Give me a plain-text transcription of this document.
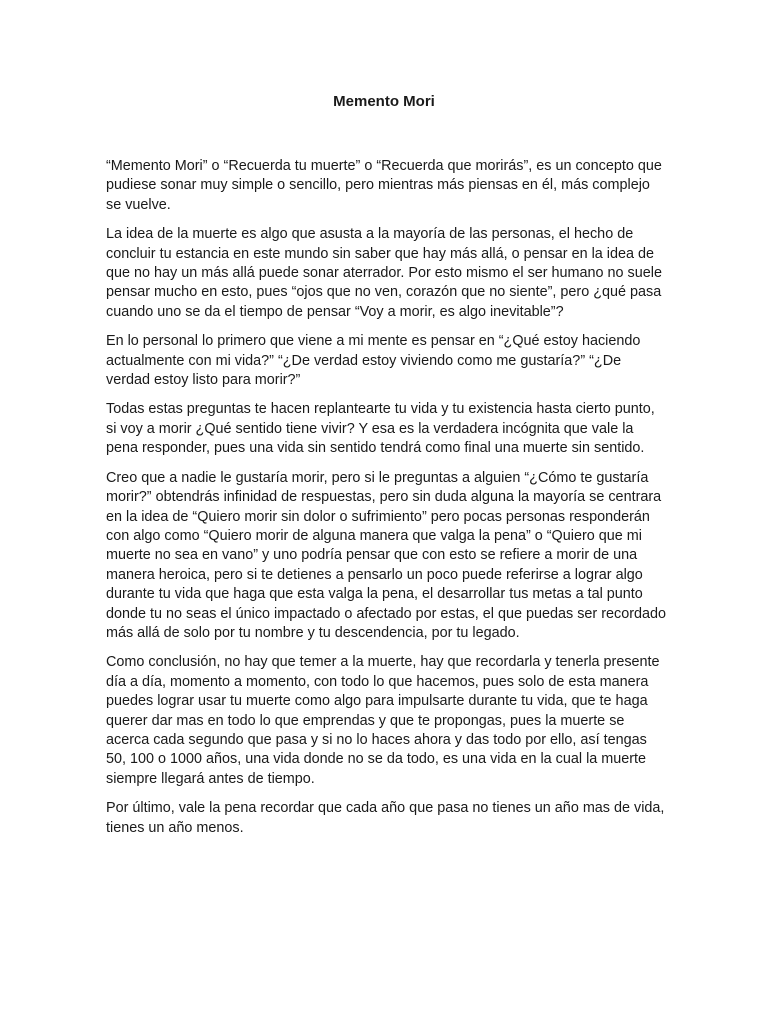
Memento Mori

“Memento Mori” o “Recuerda tu muerte” o “Recuerda que morirás”, es un concepto que pudiese sonar muy simple o sencillo, pero mientras más piensas en él, más complejo se vuelve.

La idea de la muerte es algo que asusta a la mayoría de las personas, el hecho de concluir tu estancia en este mundo sin saber que hay más allá, o pensar en la idea de que no hay un más allá puede sonar aterrador. Por esto mismo el ser humano no suele pensar mucho en esto, pues “ojos que no ven, corazón que no siente”, pero ¿qué pasa cuando uno se da el tiempo de pensar “Voy a morir, es algo inevitable”?

En lo personal lo primero que viene a mi mente es pensar en “¿Qué estoy haciendo actualmente con mi vida?” “¿De verdad estoy viviendo como me gustaría?” “¿De verdad estoy listo para morir?”

Todas estas preguntas te hacen replantearte tu vida y tu existencia hasta cierto punto, si voy a morir ¿Qué sentido tiene vivir? Y esa es la verdadera incógnita que vale la pena responder, pues una vida sin sentido tendrá como final una muerte sin sentido.

Creo que a nadie le gustaría morir, pero si le preguntas a alguien “¿Cómo te gustaría morir?” obtendrás infinidad de respuestas, pero sin duda alguna la mayoría se centrara en la idea de “Quiero morir sin dolor o sufrimiento” pero pocas personas responderán con algo como “Quiero morir de alguna manera que valga la pena” o “Quiero que mi muerte no sea en vano” y uno podría pensar que con esto se refiere a morir de una manera heroica, pero si te detienes a pensarlo un poco puede referirse a lograr algo durante tu vida que haga que esta valga la pena, el desarrollar tus metas a tal punto donde tu no seas el único impactado o afectado por estas, el que puedas ser recordado más allá de solo por tu nombre y tu descendencia, por tu legado.

Como conclusión, no hay que temer a la muerte, hay que recordarla y tenerla presente día a día, momento a momento, con todo lo que hacemos, pues solo de esta manera puedes lograr usar tu muerte como algo para impulsarte durante tu vida, que te haga querer dar mas en todo lo que emprendas y que te propongas, pues la muerte se acerca cada segundo que pasa y si no lo haces ahora y das todo por ello, así tengas 50, 100 o 1000 años, una vida donde no se da todo, es una vida en la cual la muerte siempre llegará antes de tiempo.

Por último, vale la pena recordar que cada año que pasa no tienes un año mas de vida, tienes un año menos.
